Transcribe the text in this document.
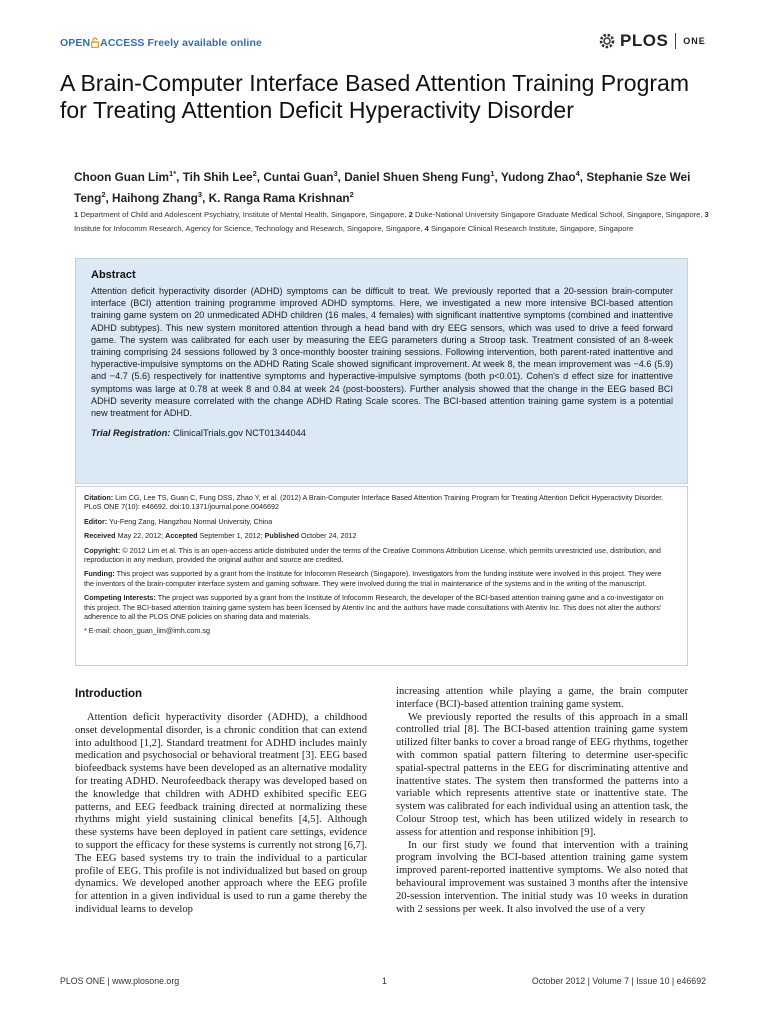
OPEN ACCESS Freely available online	PLOS ONE
A Brain-Computer Interface Based Attention Training Program for Treating Attention Deficit Hyperactivity Disorder
Choon Guan Lim$^{1*}$, Tih Shih Lee$^2$, Cuntai Guan$^3$, Daniel Shuen Sheng Fung$^1$, Yudong Zhao$^4$, Stephanie Sze Wei Teng$^2$, Haihong Zhang$^3$, K. Ranga Rama Krishnan$^2$
1 Department of Child and Adolescent Psychiatry, Institute of Mental Health, Singapore, Singapore, 2 Duke-National University Singapore Graduate Medical School, Singapore, Singapore, 3 Institute for Infocomm Research, Agency for Science, Technology and Research, Singapore, Singapore, 4 Singapore Clinical Research Institute, Singapore, Singapore
Abstract
Attention deficit hyperactivity disorder (ADHD) symptoms can be difficult to treat. We previously reported that a 20-session brain-computer interface (BCI) attention training programme improved ADHD symptoms. Here, we investigated a new more intensive BCI-based attention training game system on 20 unmedicated ADHD children (16 males, 4 females) with significant inattentive symptoms (combined and inattentive ADHD subtypes). This new system monitored attention through a head band with dry EEG sensors, which was used to drive a feed forward game. The system was calibrated for each user by measuring the EEG parameters during a Stroop task. Treatment consisted of an 8-week training comprising 24 sessions followed by 3 once-monthly booster training sessions. Following intervention, both parent-rated inattentive and hyperactive-impulsive symptoms on the ADHD Rating Scale showed significant improvement. At week 8, the mean improvement was −4.6 (5.9) and −4.7 (5.6) respectively for inattentive symptoms and hyperactive-impulsive symptoms (both p<0.01). Cohen's d effect size for inattentive symptoms was large at 0.78 at week 8 and 0.84 at week 24 (post-boosters). Further analysis showed that the change in the EEG based BCI ADHD severity measure correlated with the change ADHD Rating Scale scores. The BCI-based attention training game system is a potential new treatment for ADHD.
Trial Registration: ClinicalTrials.gov NCT01344044

Citation: Lim CG, Lee TS, Guan C, Fung DSS, Zhao Y, et al. (2012) A Brain-Computer Interface Based Attention Training Program for Treating Attention Deficit Hyperactivity Disorder. PLoS ONE 7(10): e46692. doi:10.1371/journal.pone.0046692

Editor: Yu-Feng Zang, Hangzhou Normal University, China

Received May 22, 2012; Accepted September 1, 2012; Published October 24, 2012

Copyright: © 2012 Lim et al. This is an open-access article distributed under the terms of the Creative Commons Attribution License, which permits unrestricted use, distribution, and reproduction in any medium, provided the original author and source are credited.

Funding: This project was supported by a grant from the Institute for Infocomm Research (Singapore). Investigators from the funding institute were involved in this project. They were the inventors of the brain-computer interface system and gaming software. They were involved during the trial in maintenance of the systems and in the writing of the manuscript.

Competing Interests: The project was supported by a grant from the Institute of Infocomm Research, the developer of the BCI-based attention training game and a co-investigator on this project. The BCI-based attention training game system has been licensed by Atentiv Inc and the authors have made consultations with Atentiv Inc. This does not alter the authors' adherence to all the PLOS ONE policies on sharing data and materials.

* E-mail: choon_guan_lim@imh.com.sg

Introduction

Attention deficit hyperactivity disorder (ADHD), a childhood onset developmental disorder, is a chronic condition that can extend into adulthood [1,2]. Standard treatment for ADHD includes mainly medication and psychosocial or behavioral treatment [3]. EEG based biofeedback systems have been developed as an alternative modality for treating ADHD. Neurofeedback therapy was developed based on the knowledge that children with ADHD exhibited specific EEG patterns, and EEG feedback training directed at normalizing these rhythms might yield sustaining clinical benefits [4,5]. Although these systems have been deployed in patient care settings, evidence to support the efficacy for these systems is currently not strong [6,7]. The EEG based systems try to train the individual to a particular profile of EEG. This profile is not individualized but based on group dynamics. We developed another approach where the EEG profile for attention in a given individual is used to run a game thereby the individual learns to develop

increasing attention while playing a game, the brain computer interface (BCI)-based attention training game system.

We previously reported the results of this approach in a small controlled trial [8]. The BCI-based attention training game system utilized filter banks to cover a broad range of EEG rhythms, together with common spatial pattern filtering to determine user-specific spatial-spectral patterns in the EEG for discriminating attentive and inattentive states. The system then transformed the patterns into a variable which represents attentive state or inattentive state. The system was calibrated for each individual using an attention task, the Colour Stroop test, which has been utilized widely in research to assess for attention and response inhibition [9].

In our first study we found that intervention with a training program involving the BCI-based attention training game system improved parent-reported inattentive symptoms. We also noted that behavioural improvement was sustained 3 months after the intensive 20-session intervention. The initial study was 10 weeks in duration with 2 sessions per week. It also involved the use of a very

PLOS ONE | www.plosone.org	1	October 2012 | Volume 7 | Issue 10 | e46692
